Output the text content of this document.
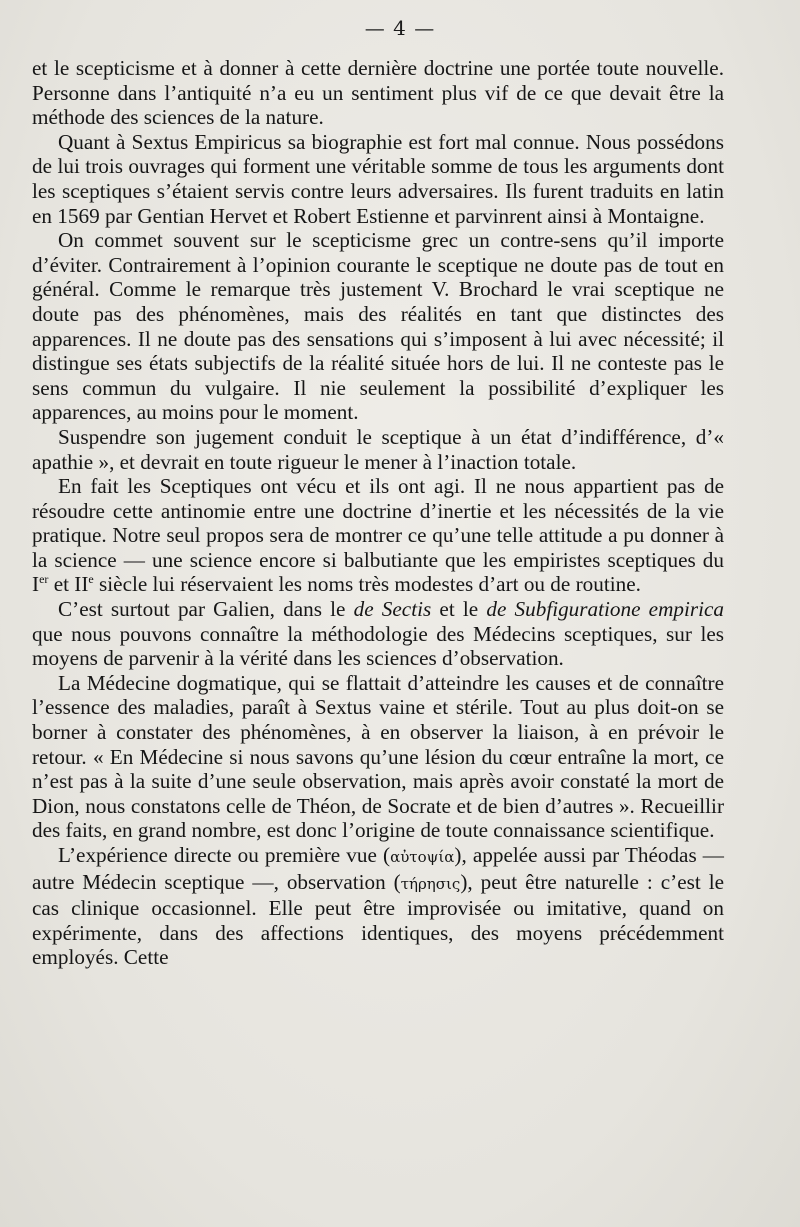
— 4 —

et le scepticisme et à donner à cette dernière doctrine une portée toute nouvelle. Personne dans l’antiquité n’a eu un sentiment plus vif de ce que devait être la méthode des sciences de la nature.

Quant à Sextus Empiricus sa biographie est fort mal connue. Nous possédons de lui trois ouvrages qui forment une véritable somme de tous les arguments dont les sceptiques s’étaient servis contre leurs adversaires. Ils furent traduits en latin en 1569 par Gentian Hervet et Robert Estienne et parvinrent ainsi à Montaigne.

On commet souvent sur le scepticisme grec un contre-sens qu’il importe d’éviter. Contrairement à l’opinion courante le sceptique ne doute pas de tout en général. Comme le remarque très justement V. Brochard le vrai sceptique ne doute pas des phénomènes, mais des réalités en tant que distinctes des apparences. Il ne doute pas des sensations qui s’imposent à lui avec nécessité; il distingue ses états subjectifs de la réalité située hors de lui. Il ne conteste pas le sens commun du vulgaire. Il nie seulement la possibilité d’expliquer les apparences, au moins pour le moment.

Suspendre son jugement conduit le sceptique à un état d’indifférence, d’« apathie », et devrait en toute rigueur le mener à l’inaction totale.

En fait les Sceptiques ont vécu et ils ont agi. Il ne nous appartient pas de résoudre cette antinomie entre une doctrine d’inertie et les nécessités de la vie pratique. Notre seul propos sera de montrer ce qu’une telle attitude a pu donner à la science — une science encore si balbutiante que les empiristes sceptiques du Ier et IIe siècle lui réservaient les noms très modestes d’art ou de routine.

C’est surtout par Galien, dans le de Sectis et le de Subfiguratione empirica que nous pouvons connaître la méthodologie des Médecins sceptiques, sur les moyens de parvenir à la vérité dans les sciences d’observation.

La Médecine dogmatique, qui se flattait d’atteindre les causes et de connaître l’essence des maladies, paraît à Sextus vaine et stérile. Tout au plus doit-on se borner à constater des phénomènes, à en observer la liaison, à en prévoir le retour. « En Médecine si nous savons qu’une lésion du cœur entraîne la mort, ce n’est pas à la suite d’une seule observation, mais après avoir constaté la mort de Dion, nous constatons celle de Théon, de Socrate et de bien d’autres ». Recueillir des faits, en grand nombre, est donc l’origine de toute connaissance scientifique.

L’expérience directe ou première vue (αὐτοψία), appelée aussi par Théodas — autre Médecin sceptique —, observation (τήρησις), peut être naturelle : c’est le cas clinique occasionnel. Elle peut être improvisée ou imitative, quand on expérimente, dans des affections identiques, des moyens précédemment employés. Cette
